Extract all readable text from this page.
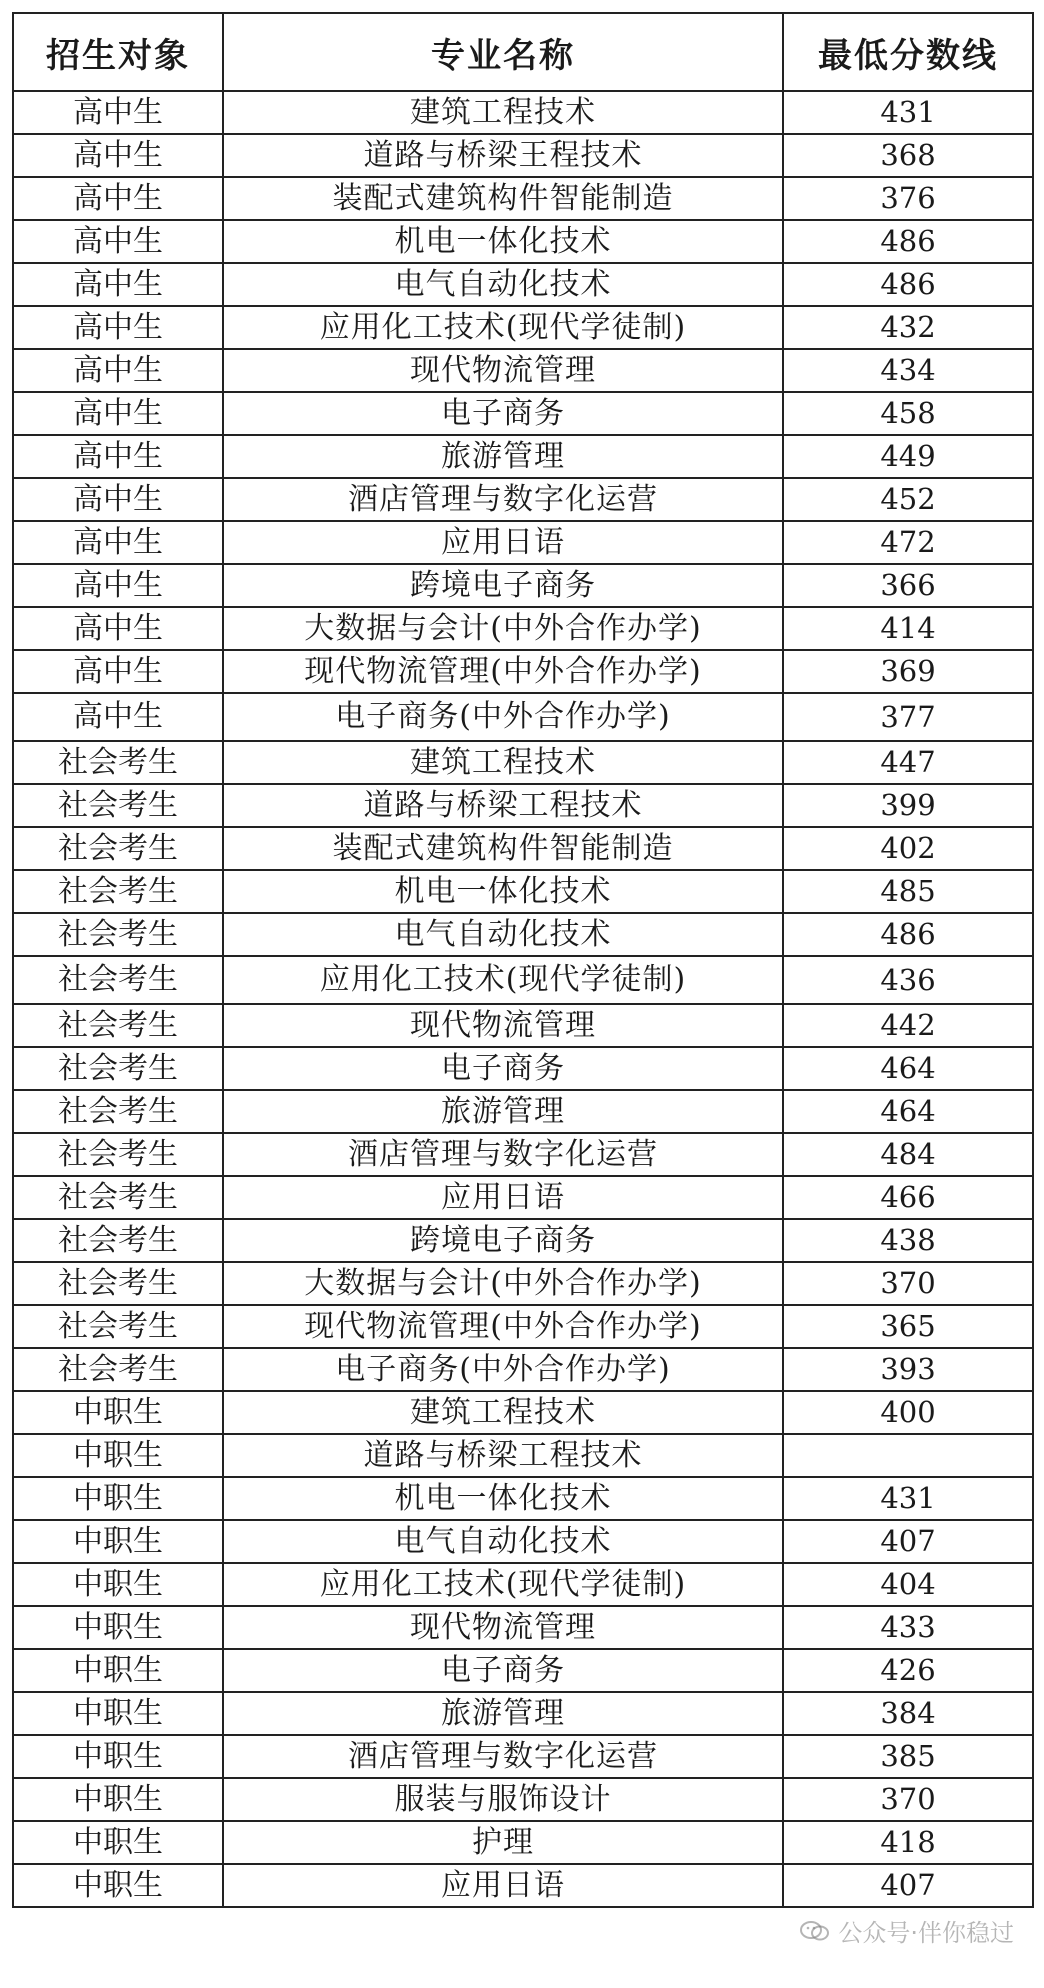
招生对象	专业名称	最低分数线
高中生	建筑工程技术	431
高中生	道路与桥梁王程技术	368
高中生	装配式建筑构件智能制造	376
高中生	机电一体化技术	486
高中生	电气自动化技术	486
高中生	应用化工技术(现代学徒制)	432
高中生	现代物流管理	434
高中生	电子商务	458
高中生	旅游管理	449
高中生	酒店管理与数字化运营	452
高中生	应用日语	472
高中生	跨境电子商务	366
高中生	大数据与会计(中外合作办学)	414
高中生	现代物流管理(中外合作办学)	369
高中生	电子商务(中外合作办学)	377
社会考生	建筑工程技术	447
社会考生	道路与桥梁工程技术	399
社会考生	装配式建筑构件智能制造	402
社会考生	机电一体化技术	485
社会考生	电气自动化技术	486
社会考生	应用化工技术(现代学徒制)	436
社会考生	现代物流管理	442
社会考生	电子商务	464
社会考生	旅游管理	464
社会考生	酒店管理与数字化运营	484
社会考生	应用日语	466
社会考生	跨境电子商务	438
社会考生	大数据与会计(中外合作办学)	370
社会考生	现代物流管理(中外合作办学)	365
社会考生	电子商务(中外合作办学)	393
中职生	建筑工程技术	400
中职生	道路与桥梁工程技术	
中职生	机电一体化技术	431
中职生	电气自动化技术	407
中职生	应用化工技术(现代学徒制)	404
中职生	现代物流管理	433
中职生	电子商务	426
中职生	旅游管理	384
中职生	酒店管理与数字化运营	385
中职生	服装与服饰设计	370
中职生	护理	418
中职生	应用日语	407
公众号·伴你稳过
